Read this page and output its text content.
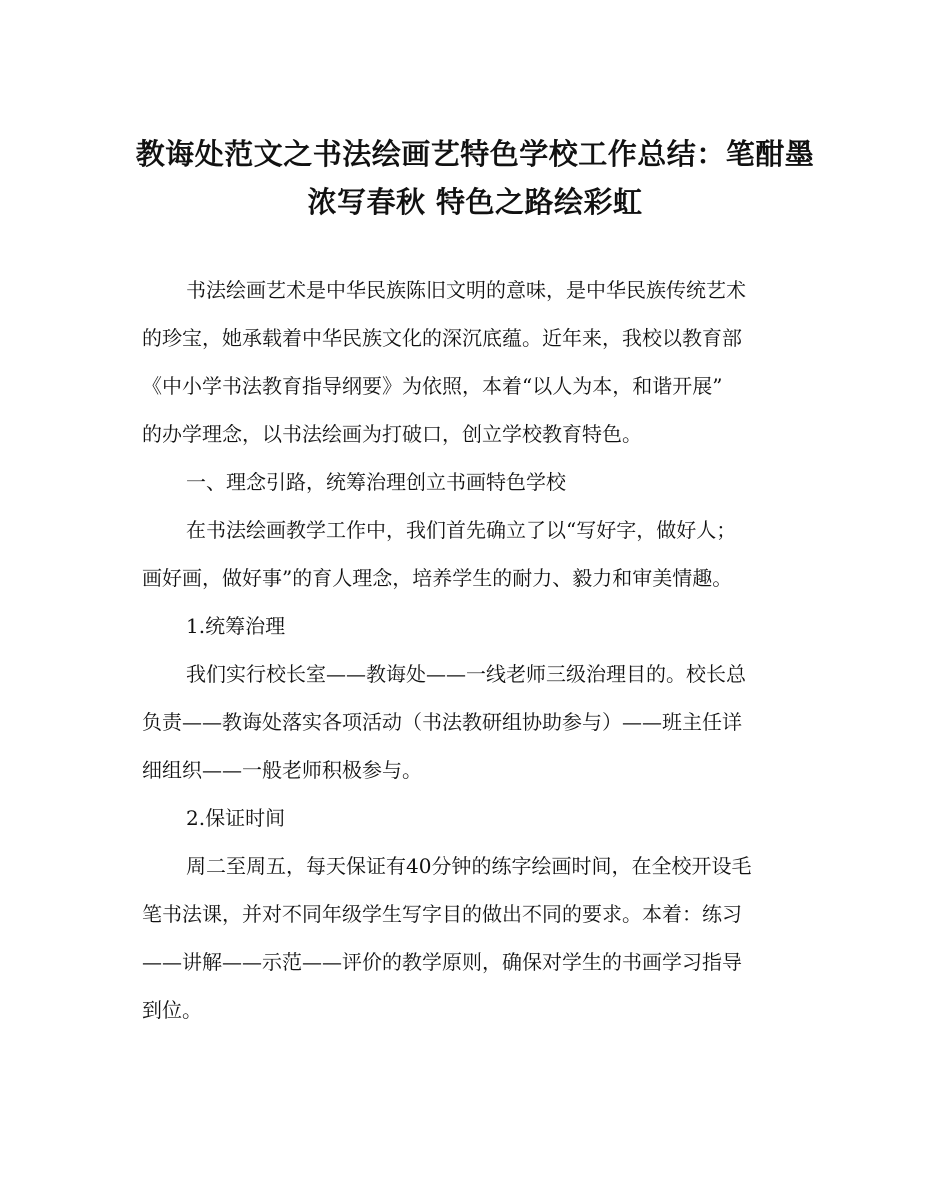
教诲处范文之书法绘画艺特色学校工作总结：笔酣墨
浓写春秋 特色之路绘彩虹
书法绘画艺术是中华民族陈旧文明的意味，是中华民族传统艺术
的珍宝，她承载着中华民族文化的深沉底蕴。近年来，我校以教育部
《中小学书法教育指导纲要》为依照，本着“以人为本，和谐开展”
的办学理念，以书法绘画为打破口，创立学校教育特色。
一、理念引路，统筹治理创立书画特色学校
在书法绘画教学工作中，我们首先确立了以“写好字，做好人；
画好画，做好事”的育人理念，培养学生的耐力、毅力和审美情趣。
1.统筹治理
我们实行校长室——教诲处——一线老师三级治理目的。校长总
负责——教诲处落实各项活动（书法教研组协助参与）——班主任详
细组织——一般老师积极参与。
2.保证时间
周二至周五，每天保证有40分钟的练字绘画时间，在全校开设毛
笔书法课，并对不同年级学生写字目的做出不同的要求。本着：练习
——讲解——示范——评价的教学原则，确保对学生的书画学习指导
到位。
